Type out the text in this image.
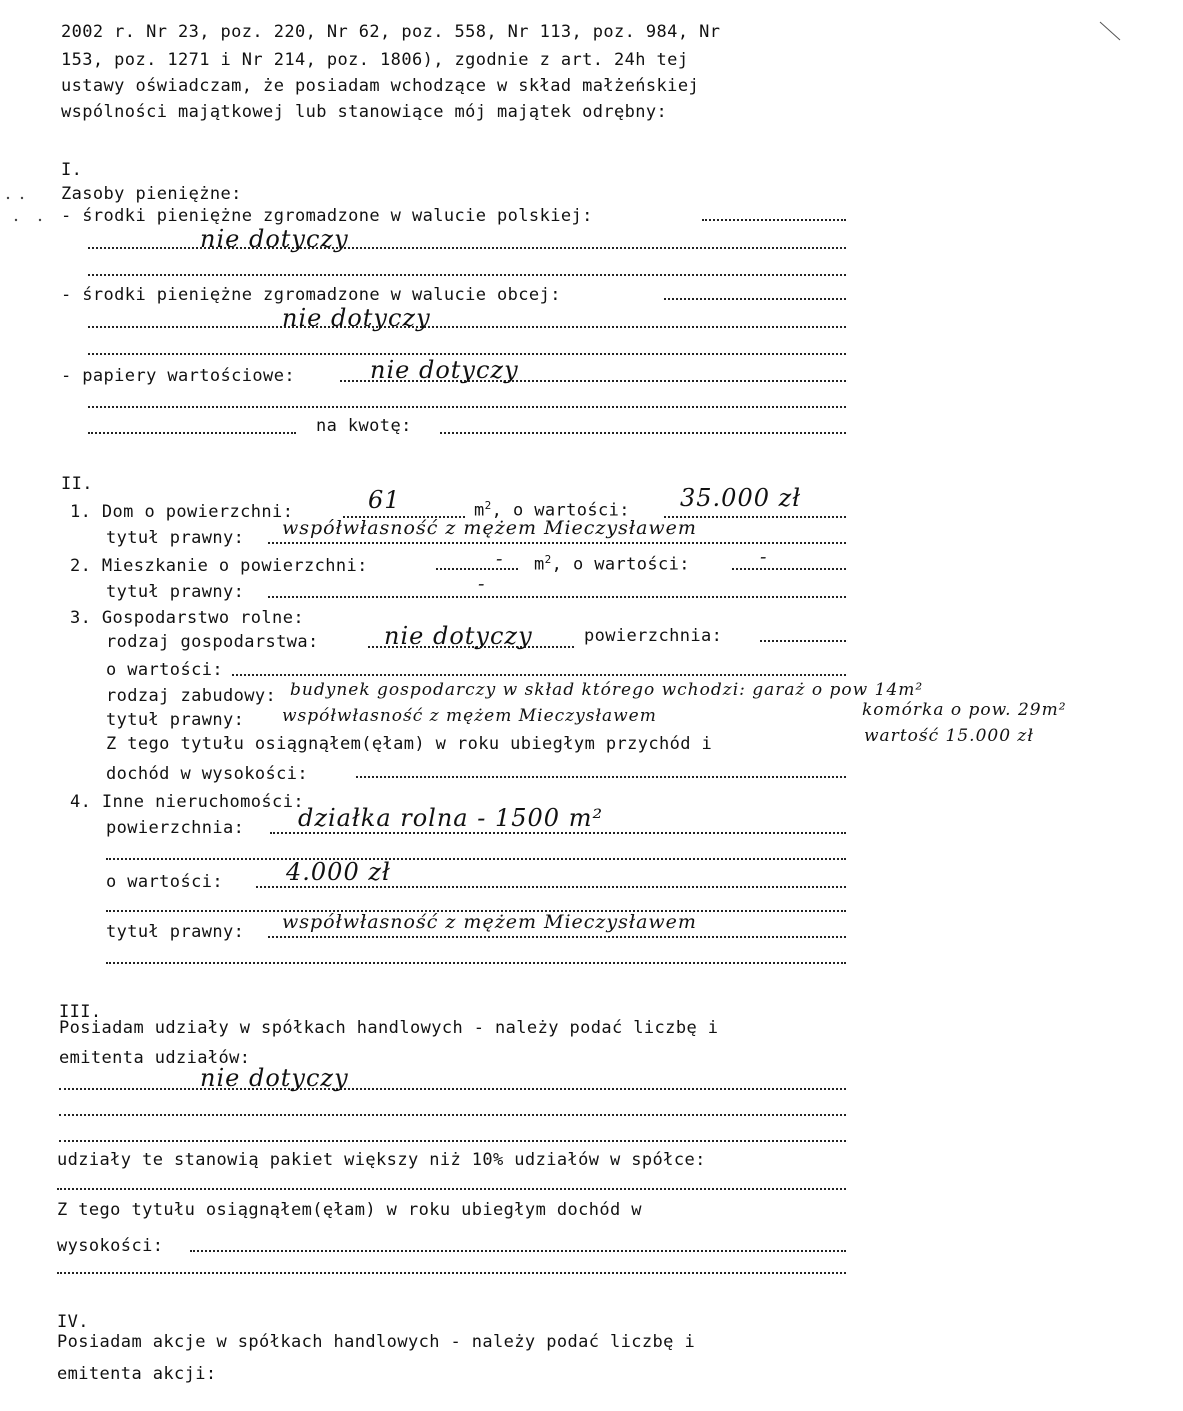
2002 r. Nr 23, poz. 220, Nr 62, poz. 558, Nr 113, poz. 984, Nr
153, poz. 1271 i Nr 214, poz. 1806), zgodnie z art. 24h tej
ustawy oświadczam, że posiadam wchodzące w skład małżeńskiej
wspólności majątkowej lub stanowiące mój majątek odrębny:
I.
Zasoby pieniężne:
- środki pieniężne zgromadzone w walucie polskiej:
nie dotyczy
- środki pieniężne zgromadzone w walucie obcej:
nie dotyczy
- papiery wartościowe:	nie dotyczy
na kwotę:
II.
1. Dom o powierzchni:	61	$m^2$, o wartości: 35.000 zł
tytuł prawny: współwłasność z mężem Mieczysławem
2. Mieszkanie o powierzchni:	- $m^2$, o wartości:	-
tytuł prawny:	-
3. Gospodarstwo rolne:
rodzaj gospodarstwa:	nie dotyczy	powierzchnia:
o wartości:
rodzaj zabudowy: budynek gospodarczy w skład którego wchodzi: garaż o pow 14m²
tytuł prawny: współwłasność z mężem Mieczysławem	komórka o pow. 29m²
wartość 15.000 zł
Z tego tytułu osiągnąłem(ęłam) w roku ubiegłym przychód i
dochód w wysokości:
4. Inne nieruchomości:
powierzchnia: działka rolna - 1500 m²
o wartości:	4.000 zł
tytuł prawny: współwłasność z mężem Mieczysławem
III.
Posiadam udziały w spółkach handlowych - należy podać liczbę i
emitenta udziałów:
nie dotyczy
udziały te stanowią pakiet większy niż 10% udziałów w spółce:
Z tego tytułu osiągnąłem(ęłam) w roku ubiegłym dochód w
wysokości:
IV.
Posiadam akcje w spółkach handlowych - należy podać liczbę i
emitenta akcji:
